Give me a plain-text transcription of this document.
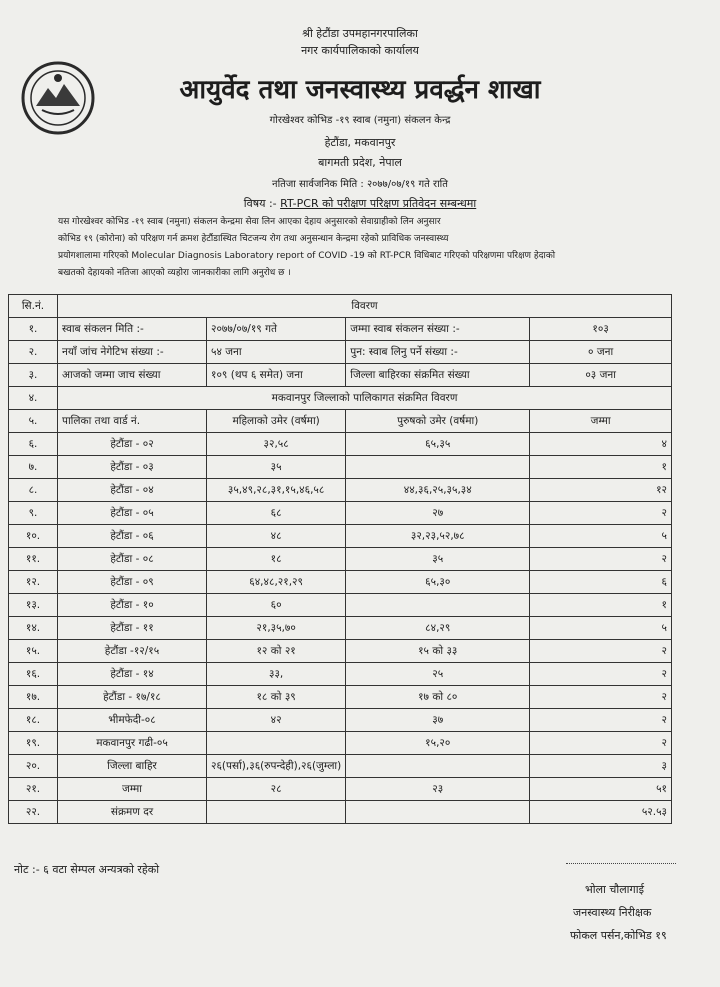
श्री हेटौंडा उपमहानगरपालिका
नगर कार्यपालिकाको कार्यालय
आयुर्वेद तथा जनस्वास्थ्य प्रवर्द्धन शाखा
गोरखेश्वर कोभिड -१९ स्वाब (नमुना) संकलन केन्द्र
हेटौंडा, मकवानपुर
बागमती प्रदेश, नेपाल
नतिजा सार्वजनिक मिति : २०७७/०७/१९ गते राति
विषय :- RT-PCR को परीक्षण परिक्षण प्रतिवेदन सम्बन्धमा
यस गोरखेश्वर कोभिड -१९ स्वाब (नमुना) संकलन केन्द्रमा सेवा लिन आएका देहाय अनुसारको सेवाग्राहीको लिन अनुसार
कोभिड १९ (कोरोना) को परिक्षण गर्न क्रमश हेटौंडास्थित चिटजन्य रोग तथा अनुसन्धान केन्द्रमा रहेको प्राविधिक जनस्वास्थ्य
प्रयोगशालामा गरिएको Molecular Diagnosis Laboratory report of COVID -19 को RT-PCR विधिबाट गरिएको परिक्षणमा परिक्षण हेदाको
बखतको देहायको नतिजा आएको व्यहोरा जानकारीका लागि अनुरोध छ ।
सि.नं.	विवरण			
१.	स्वाब संकलन मिति :-	२०७७/०७/१९ गते	जम्मा स्वाब संकलन संख्या :-	१०३
२.	नयाँ जांच नेगेटिभ संख्या :-	५४ जना	पुन: स्वाब लिनु पर्ने संख्या :-	० जना
३.	आजको जम्मा जाच संख्या	१०९ (थप ६ समेत) जना	जिल्ला बाहिरका संक्रमित संख्या	०३ जना
४.	मकवानपुर जिल्लाको पालिकागत संक्रमित विवरण			
५.	पालिका तथा वार्ड नं.	महिलाको उमेर (वर्षमा)	पुरुषको उमेर (वर्षमा)	जम्मा
६.	हेटौंडा - ०२	३२,५८	६५,३५	४
७.	हेटौंडा - ०३	३५		१
८.	हेटौंडा - ०४	३५,४९,२८,३१,१५,४६,५८	४४,३६,२५,३५,३४	१२
९.	हेटौंडा - ०५	६८	२७	२
१०.	हेटौंडा - ०६	४८	३२,२३,५२,७८	५
११.	हेटौंडा - ०८	१८	३५	२
१२.	हेटौंडा - ०९	६४,४८,२१,२९	६५,३०	६
१३.	हेटौंडा - १०	६०		१
१४.	हेटौंडा - ११	२१,३५,७०	८४,२९	५
१५.	हेटौंडा -१२/१५	१२ को २१	१५ को ३३	२
१६.	हेटौंडा - १४	३३,	२५	२
१७.	हेटौंडा - १७/१८	१८ को ३९	१७ को ८०	२
१८.	भीमफेदी-०८	४२	३७	२
१९.	मकवानपुर गढी-०५		१५,२०	२
२०.	जिल्ला बाहिर	२६(पर्सा),३६(रुपन्देही),२६(जुम्ला)		३
२१.	जम्मा	२८	२३	५१
२२.	संक्रमण दर			५२.५३
नोट :- ६ वटा सेम्पल अन्यत्रको रहेको
भोला चौलागाई
जनस्वास्थ्य निरीक्षक
फोकल पर्सन,कोभिड १९
